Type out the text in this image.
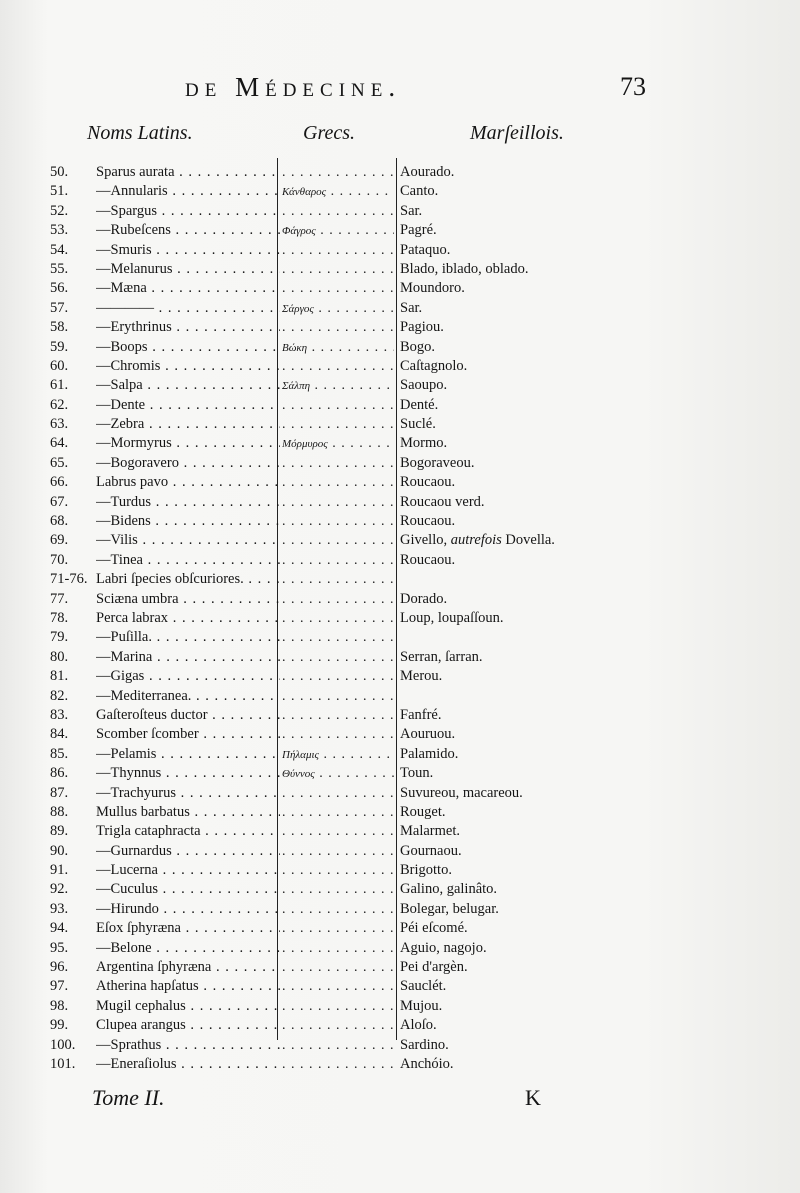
de Médecine.	73
Noms Latins.	Grecs.	Marſeillois.
50.	Sparus aurata . . . . . .	Aourado.
51.	—Annularis . . .	Κάνθαρος . . .	Canto.
52.	—Spargus . . . . . .	Sar.
53.	—Rubeſcens . . .	Φάγρος . . .	Pagré.
54.	—Smuris . . . . . .	Pataquo.
55.	—Melanurus . . . . . .	Blado, iblado, oblado.
56.	—Mæna . . . . . .	Moundoro.
57.	———— . . .	Σάργος . . .	Sar.
58.	—Erythrinus . . . . . .	Pagiou.
59.	—Boops . . .	Βώκη . . .	Bogo.
60.	—Chromis . . . . . .	Caſtagnolo.
61.	—Salpa . . .	Σάλπη . . .	Saoupo.
62.	—Dente . . . . . .	Denté.
63.	—Zebra . . . . . .	Suclé.
64.	—Mormyrus . . .	Μόρμυρος . . .	Mormo.
65.	—Bogoravero . . . . . .	Bogoraveou.
66.	Labrus pavo . . . . . .	Roucaou.
67.	—Turdus . . . . . .	Roucaou verd.
68.	—Bidens . . . . . .	Roucaou.
69.	—Vilis . . . . . .	Givello, autrefois Dovella.
70.	—Tinea . . . . . .	Roucaou.
71-76. Labri ſpecies obſcuriores. . . .
. . .
77.	Sciæna umbra . . . . . .	Dorado.
78.	Perca labrax . . . . . .	Loup, loupaſſoun.
79.	—Puſilla. . . .
. . .
80.	—Marina . . . . . .	Serran, ſarran.
81.	—Gigas . . . . . .	Merou.
82.	—Mediterranea. . . .
. . .
83.	Gaſteroſteus ductor . . . . . .	Fanfré.
84.	Scomber ſcomber . . . . . .	Aouruou.
85.	—Pelamis . . .	Πήλαμις . . .	Palamido.
86.	—Thynnus . . .	Θύννος . . .	Toun.
87.	—Trachyurus . . . . . .	Suvureou, macareou.
88.	Mullus barbatus . . . . . .	Rouget.
89.	Trigla cataphracta . . . . . .	Malarmet.
90.	—Gurnardus . . . . . .	Gournaou.
91.	—Lucerna . . . . . .	Brigotto.
92.	—Cuculus . . . . . .	Galino, galinâto.
93.	—Hirundo . . . . . .	Bolegar, belugar.
94.	Eſox ſphyræna . . . . . .	Péi eſcomé.
95.	—Belone . . . . . .	Aguio, nagojo.
96.	Argentina ſphyræna . . . . . .	Pei d'argèn.
97.	Atherina hapſatus . . . . . .	Sauclét.
98.	Mugil cephalus . . . . . .	Mujou.
99.	Clupea arangus . . . . . .	Aloſo.
100.	—Sprathus . . . . . .	Sardino.
101.	—Eneraſiolus . . . . . .	Anchóio.
Tome II.	K
